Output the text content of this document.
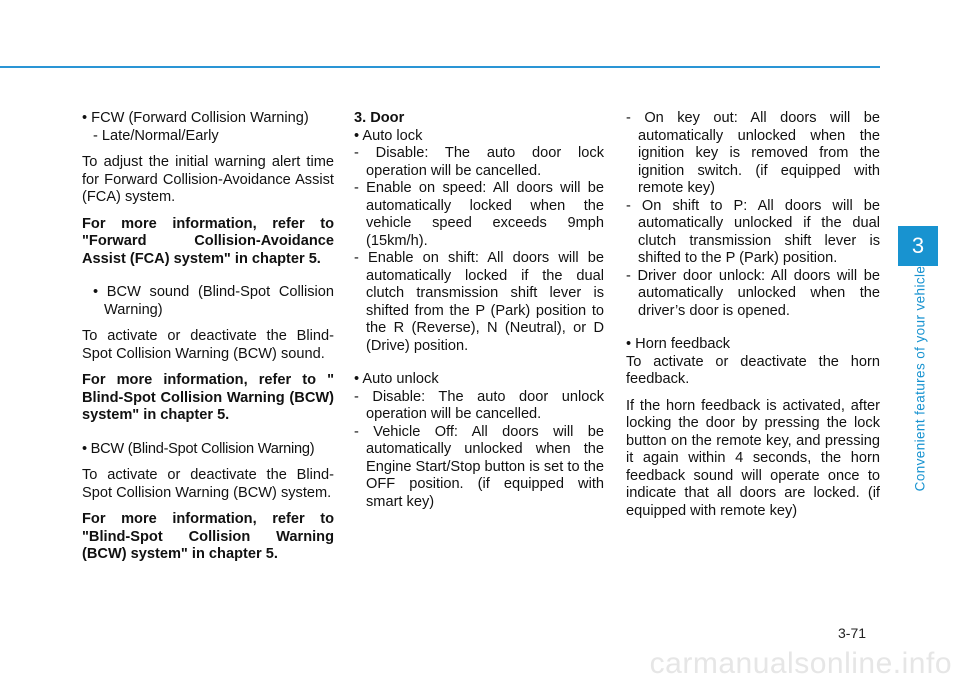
3
Convenient features of your vehicle

• FCW (Forward Collision Warning)

- Late/Normal/Early

To adjust the initial warning alert time for Forward Collision-Avoidance Assist (FCA) system.

For more information, refer to "Forward Collision-Avoidance Assist (FCA) system" in chapter 5.

• BCW sound (Blind-Spot Collision Warning)

To activate or deactivate the Blind-Spot Collision Warning (BCW) sound.

For more information, refer to " Blind-Spot Collision Warning (BCW) system" in chapter 5.

• BCW (Blind-Spot Collision Warning)

To activate or deactivate the Blind-Spot Collision Warning (BCW) system.

For more information, refer to "Blind-Spot Collision Warning (BCW) system" in chapter 5.

3. Door

• Auto lock

- Disable: The auto door lock operation will be cancelled.

- Enable on speed: All doors will be automatically locked when the vehicle speed exceeds 9mph (15km/h).

- Enable on shift: All doors will be automatically locked if the dual clutch transmission shift lever is shifted from the P (Park) position to the R (Reverse), N (Neutral), or D (Drive) position.

• Auto unlock

- Disable: The auto door unlock operation will be cancelled.

- Vehicle Off: All doors will be automatically unlocked when the Engine Start/Stop button is set to the OFF position. (if equipped with smart key)

- On key out: All doors will be automatically unlocked when the ignition key is removed from the ignition switch. (if equipped with remote key)

- On shift to P: All doors will be automatically unlocked if the dual clutch transmission shift lever is shifted to the P (Park) position.

- Driver door unlock: All doors will be automatically unlocked when the driver’s door is opened.

• Horn feedback

To activate or deactivate the horn feedback.

If the horn feedback is activated, after locking the door by pressing the lock button on the remote key, and pressing it again within 4 seconds, the horn feedback sound will operate once to indicate that all doors are locked. (if equipped with remote key)

3-71
carmanualsonline.info
